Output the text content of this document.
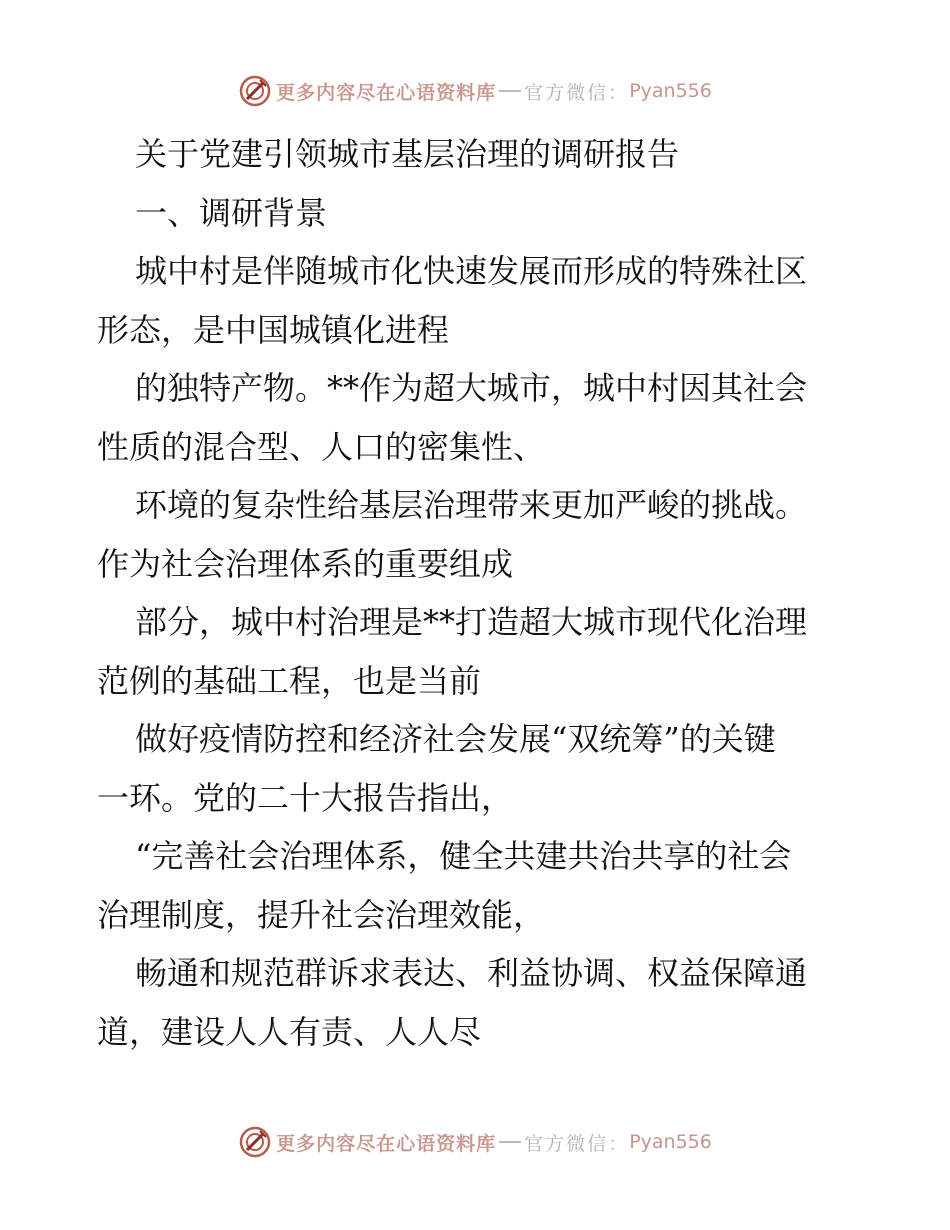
更多内容尽在心语资料库 官方微信： Pyan556
关于党建引领城市基层治理的调研报告
一、调研背景
城中村是伴随城市化快速发展而形成的特殊社区
形态，是中国城镇化进程
的独特产物。**作为超大城市，城中村因其社会
性质的混合型、人口的密集性、
环境的复杂性给基层治理带来更加严峻的挑战。
作为社会治理体系的重要组成
部分，城中村治理是**打造超大城市现代化治理
范例的基础工程，也是当前
做好疫情防控和经济社会发展“双统筹”的关键
一环。党的二十大报告指出，
“完善社会治理体系，健全共建共治共享的社会
治理制度，提升社会治理效能，
畅通和规范群诉求表达、利益协调、权益保障通
道，建设人人有责、人人尽
更多内容尽在心语资料库 官方微信： Pyan556
